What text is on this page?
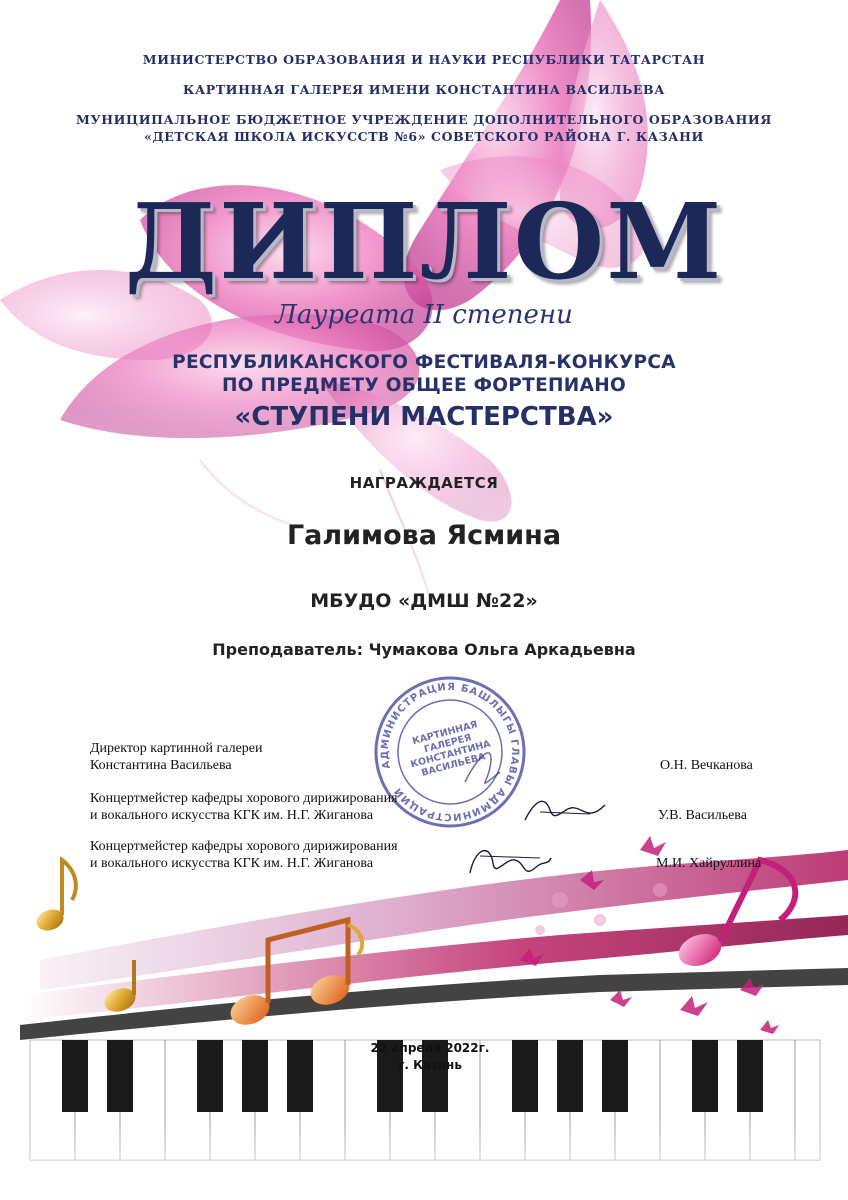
МИНИСТЕРСТВО ОБРАЗОВАНИЯ И НАУКИ РЕСПУБЛИКИ ТАТАРСТАН

КАРТИННАЯ ГАЛЕРЕЯ ИМЕНИ КОНСТАНТИНА ВАСИЛЬЕВА

МУНИЦИПАЛЬНОЕ БЮДЖЕТНОЕ УЧРЕЖДЕНИЕ ДОПОЛНИТЕЛЬНОГО ОБРАЗОВАНИЯ

«ДЕТСКАЯ ШКОЛА ИСКУССТВ №6» СОВЕТСКОГО РАЙОНА Г. КАЗАНИ

ДИПЛОМ

Лауреата II степени

РЕСПУБЛИКАНСКОГО ФЕСТИВАЛЯ-КОНКУРСА

ПО ПРЕДМЕТУ ОБЩЕЕ ФОРТЕПИАНО

«СТУПЕНИ МАСТЕРСТВА»

НАГРАЖДАЕТСЯ

Галимова Ясмина

МБУДО «ДМШ №22»

Преподаватель: Чумакова Ольга Аркадьевна

АДМИНИСТРАЦИЯ БАШЛЫГЫ ГЛАВЫ АДМИНИСТРАЦИИ
КАРТИННАЯ ГАЛЕРЕЯ КОНСТАНТИНА ВАСИЛЬЕВА

Директор картинной галереи

Константина Васильева	О.Н. Вечканова

Концертмейстер кафедры хорового дирижирования

и вокального искусства КГК им. Н.Г. Жиганова	У.В. Васильева

Концертмейстер кафедры хорового дирижирования

и вокального искусства КГК им. Н.Г. Жиганова	М.И. Хайруллина

22 апреля 2022г.
г. Казань
